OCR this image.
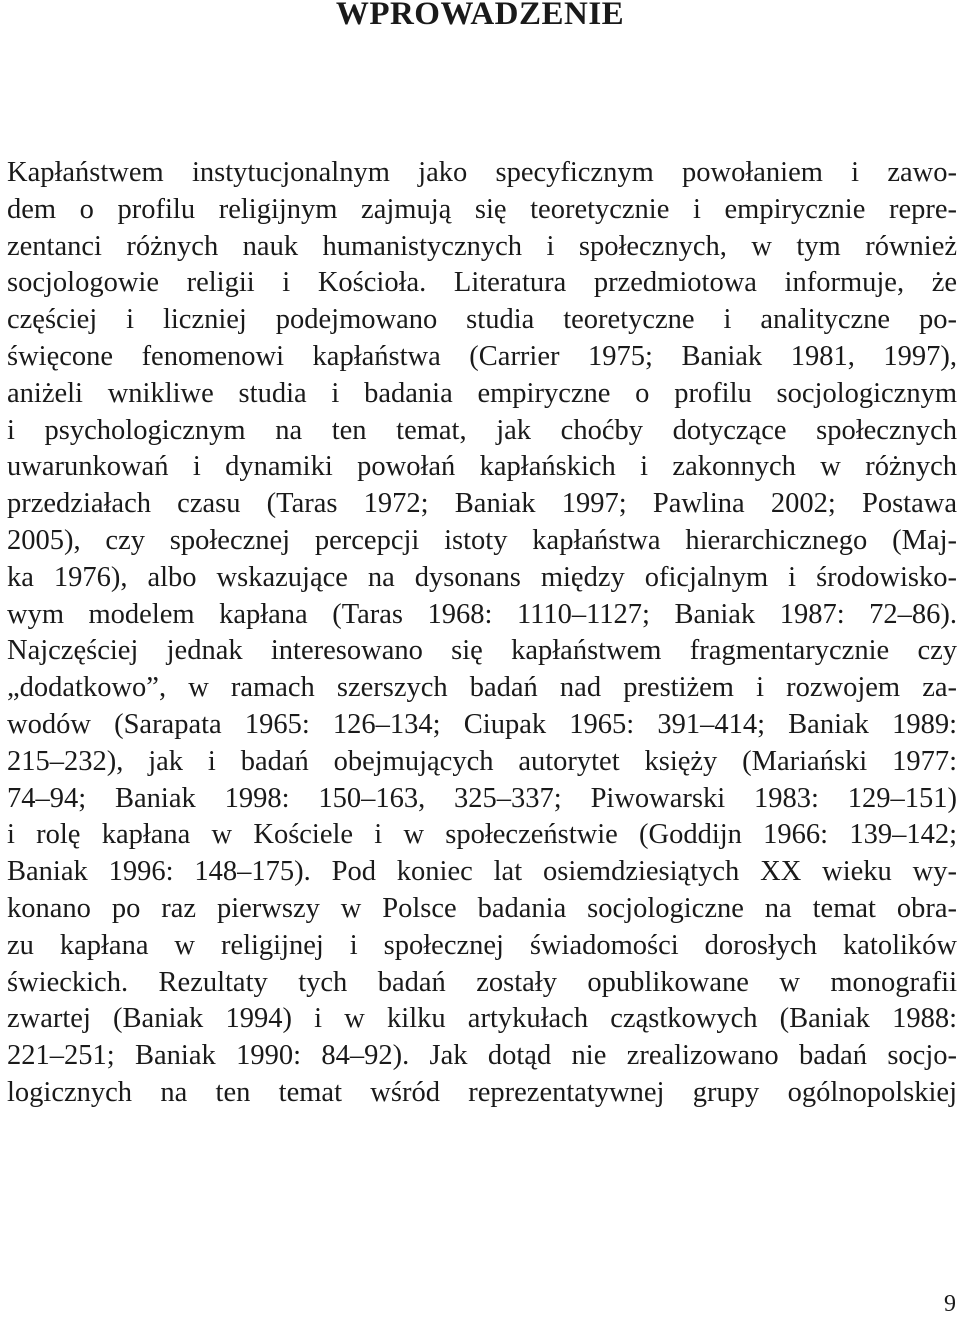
WPROWADZENIE
Kapłaństwem instytucjonalnym jako specyficznym powołaniem i zawo-
dem o profilu religijnym zajmują się teoretycznie i empirycznie repre-
zentanci różnych nauk humanistycznych i społecznych, w tym również
socjologowie religii i Kościoła. Literatura przedmiotowa informuje, że
częściej i liczniej podejmowano studia teoretyczne i analityczne po-
święcone fenomenowi kapłaństwa (Carrier 1975; Baniak 1981, 1997),
aniżeli wnikliwe studia i badania empiryczne o profilu socjologicznym
i psychologicznym na ten temat, jak choćby dotyczące społecznych
uwarunkowań i dynamiki powołań kapłańskich i zakonnych w różnych
przedziałach czasu (Taras 1972; Baniak 1997; Pawlina 2002; Postawa
2005), czy społecznej percepcji istoty kapłaństwa hierarchicznego (Maj-
ka 1976), albo wskazujące na dysonans między oficjalnym i środowisko-
wym modelem kapłana (Taras 1968: 1110–1127; Baniak 1987: 72–86).
Najczęściej jednak interesowano się kapłaństwem fragmentarycznie czy
„dodatkowo”, w ramach szerszych badań nad prestiżem i rozwojem za-
wodów (Sarapata 1965: 126–134; Ciupak 1965: 391–414; Baniak 1989:
215–232), jak i badań obejmujących autorytet księży (Mariański 1977:
74–94; Baniak 1998: 150–163, 325–337; Piwowarski 1983: 129–151)
i rolę kapłana w Kościele i w społeczeństwie (Goddijn 1966: 139–142;
Baniak 1996: 148–175). Pod koniec lat osiemdziesiątych XX wieku wy-
konano po raz pierwszy w Polsce badania socjologiczne na temat obra-
zu kapłana w religijnej i społecznej świadomości dorosłych katolików
świeckich. Rezultaty tych badań zostały opublikowane w monografii
zwartej (Baniak 1994) i w kilku artykułach cząstkowych (Baniak 1988:
221–251; Baniak 1990: 84–92). Jak dotąd nie zrealizowano badań socjo-
logicznych na ten temat wśród reprezentatywnej grupy ogólnopolskiej
9
